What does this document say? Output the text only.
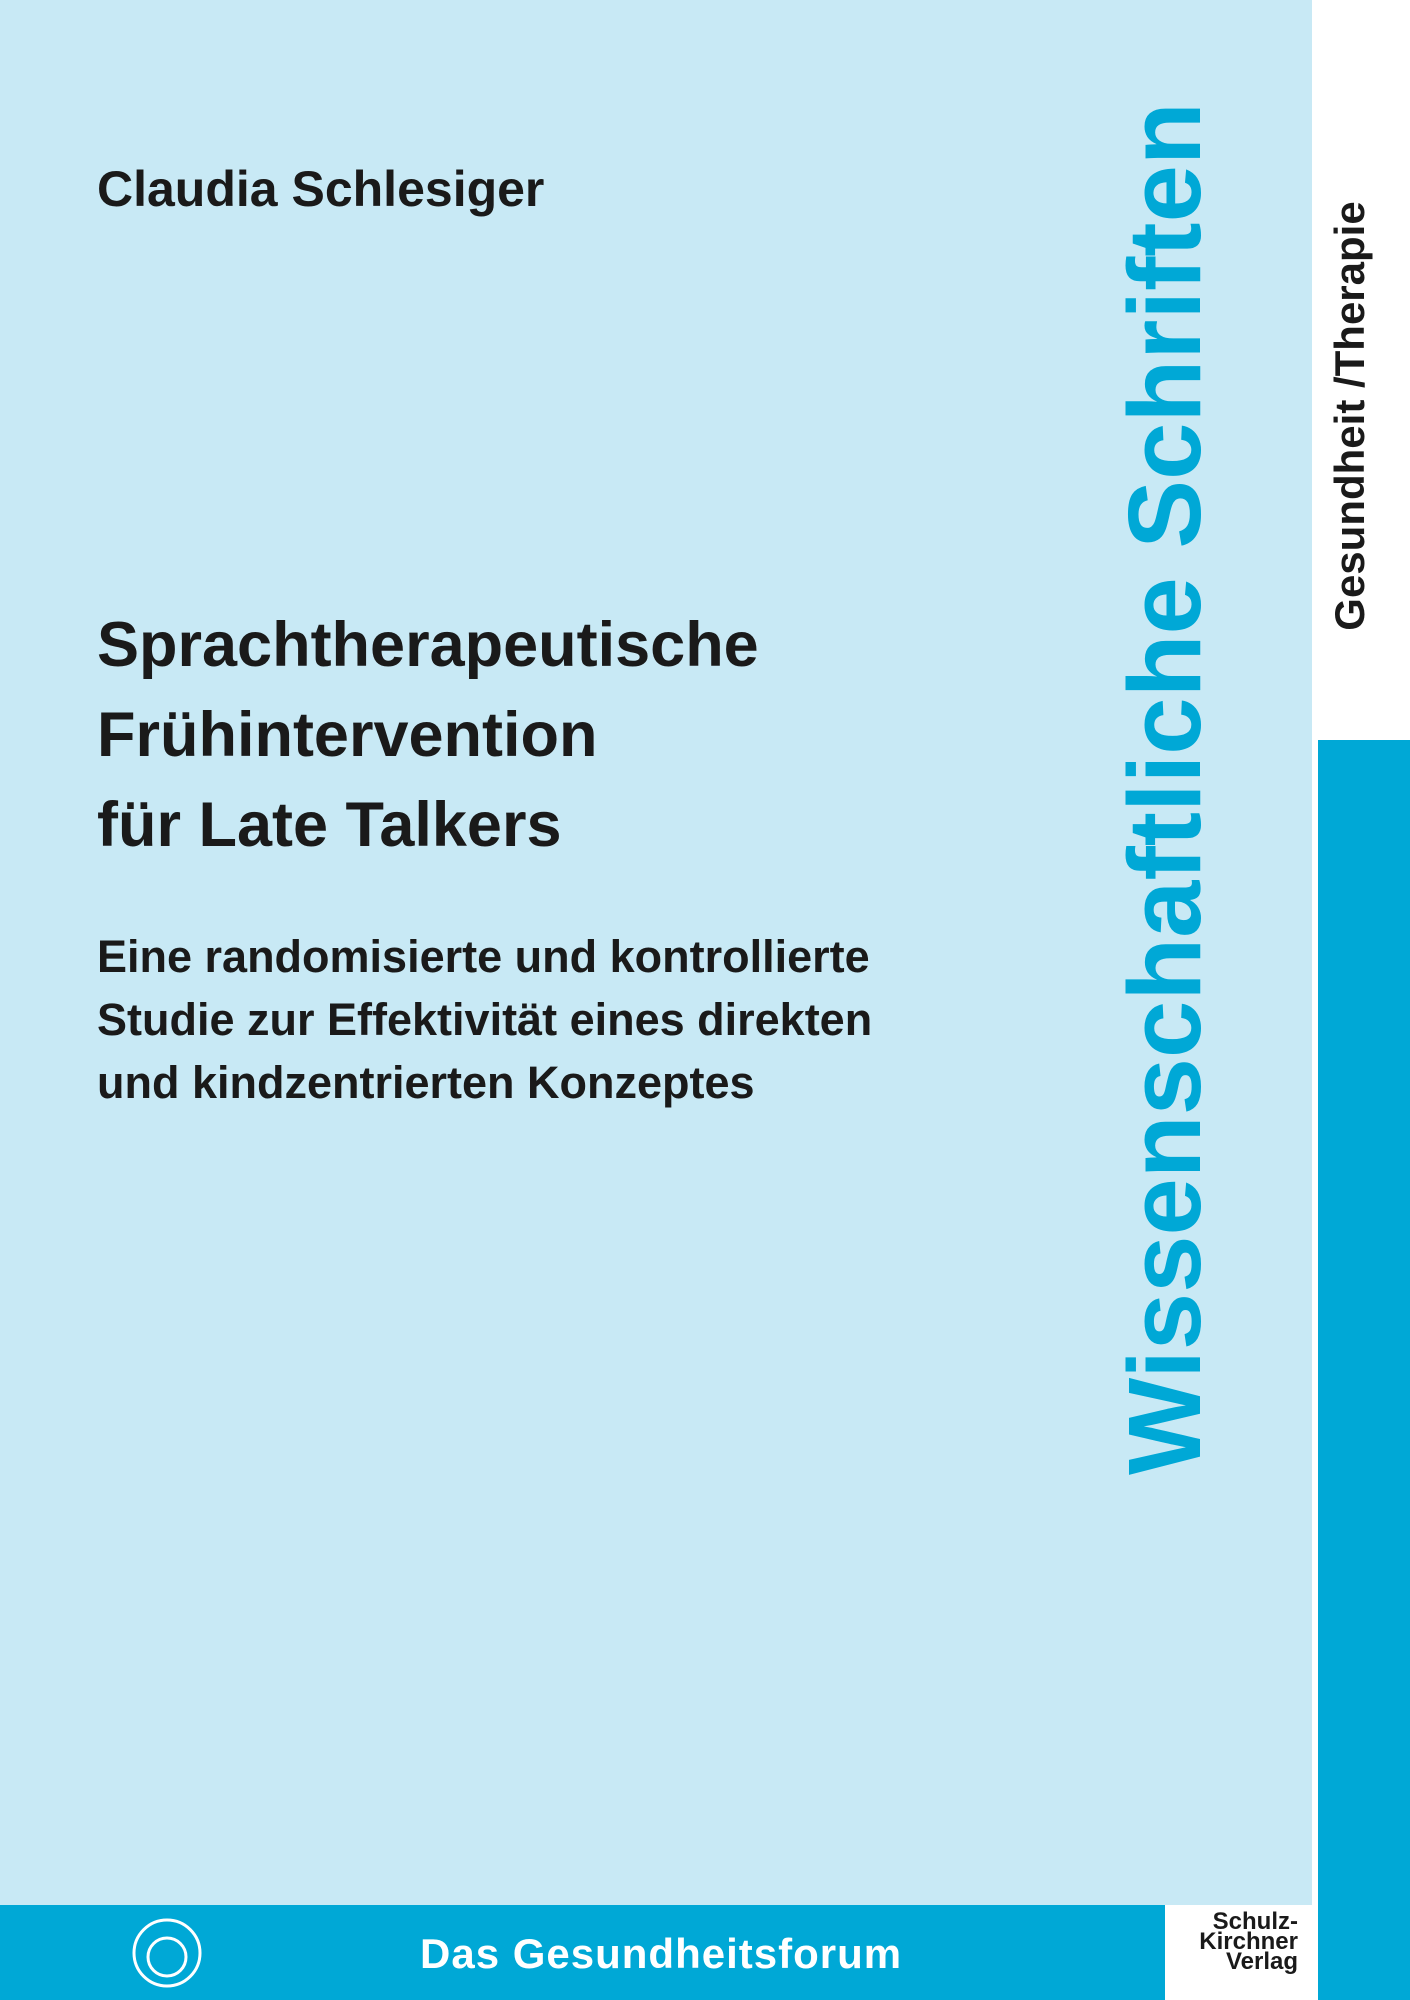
Claudia Schlesiger
Sprachtherapeutische
Frühintervention
für Late Talkers
Eine randomisierte und kontrollierte
Studie zur Effektivität eines direkten
und kindzentrierten Konzeptes	Wissenschaftliche Schriften Gesundheit /Therapie
Das Gesundheitsforum
Schulz-
Kirchner
Verlag
